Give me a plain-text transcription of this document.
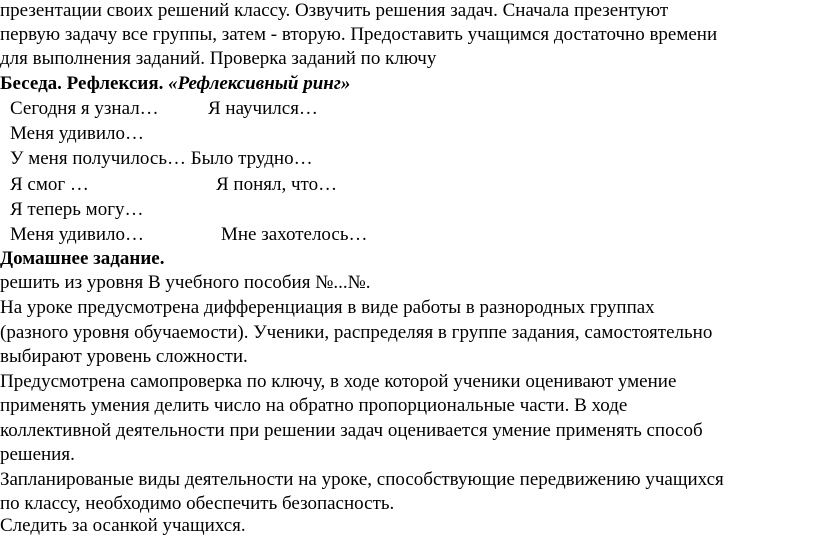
презентации своих решений классу. Озвучить решения задач. Сначала презентуют
первую задачу все группы, затем - вторую. Предоставить учащимся достаточно времени
для выполнения заданий. Проверка заданий по ключу
Беседа. Рефлексия. «Рефлексивный ринг»
Сегодня я узнал…	Я научился…
Меня удивило…
У меня получилось… Было трудно…
Я смог …	Я понял, что…
Я теперь могу…
Меня удивило…	Мне захотелось…
Домашнее задание.
решить из уровня В учебного пособия №...№.
На уроке предусмотрена дифференциация в виде работы в разнородных группах
(разного уровня обучаемости). Ученики, распределяя в группе задания, самостоятельно
выбирают уровень сложности.
Предусмотрена самопроверка по ключу, в ходе которой ученики оценивают умение
применять умения делить число на обратно пропорциональные части. В ходе
коллективной деятельности при решении задач оценивается умение применять способ
решения.
Запланированые виды деятельности на уроке, способствующие передвижению учащихся
по классу, необходимо обеспечить безопасность.
Следить за осанкой учащихся.
